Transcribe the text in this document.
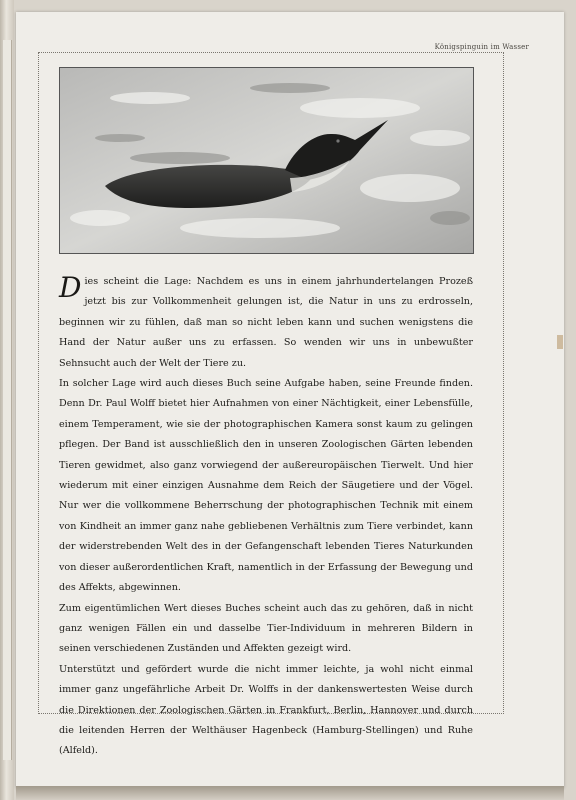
Königspinguin im Wasser

Dies scheint die Lage: Nachdem es uns in einem jahrhundertelangen Prozeß jetzt bis zur Vollkommenheit gelungen ist, die Natur in uns zu erdrosseln, beginnen wir zu fühlen, daß man so nicht leben kann und suchen wenigstens die Hand der Natur außer uns zu erfassen. So wenden wir uns in unbewußter Sehnsucht auch der Welt der Tiere zu.

In solcher Lage wird auch dieses Buch seine Aufgabe haben, seine Freunde finden. Denn Dr. Paul Wolff bietet hier Aufnahmen von einer Nächtigkeit, einer Lebensfülle, einem Temperament, wie sie der photographischen Kamera sonst kaum zu gelingen pflegen. Der Band ist ausschließlich den in unseren Zoologischen Gärten lebenden Tieren gewidmet, also ganz vorwiegend der außereuropäischen Tierwelt. Und hier wiederum mit einer einzigen Ausnahme dem Reich der Säugetiere und der Vögel. Nur wer die vollkommene Beherrschung der photographischen Technik mit einem von Kindheit an immer ganz nahe gebliebenen Verhältnis zum Tiere verbindet, kann der widerstrebenden Welt des in der Gefangenschaft lebenden Tieres Naturkunden von dieser außerordentlichen Kraft, namentlich in der Erfassung der Bewegung und des Affekts, abgewinnen.

Zum eigentümlichen Wert dieses Buches scheint auch das zu gehören, daß in nicht ganz wenigen Fällen ein und dasselbe Tier-Individuum in mehreren Bildern in seinen verschiedenen Zuständen und Affekten gezeigt wird.

Unterstützt und gefördert wurde die nicht immer leichte, ja wohl nicht einmal immer ganz ungefährliche Arbeit Dr. Wolffs in der dankenswertesten Weise durch die Direktionen der Zoologischen Gärten in Frankfurt, Berlin, Hannover und durch die leitenden Herren der Welthäuser Hagenbeck (Hamburg-Stellingen) und Ruhe (Alfeld).
